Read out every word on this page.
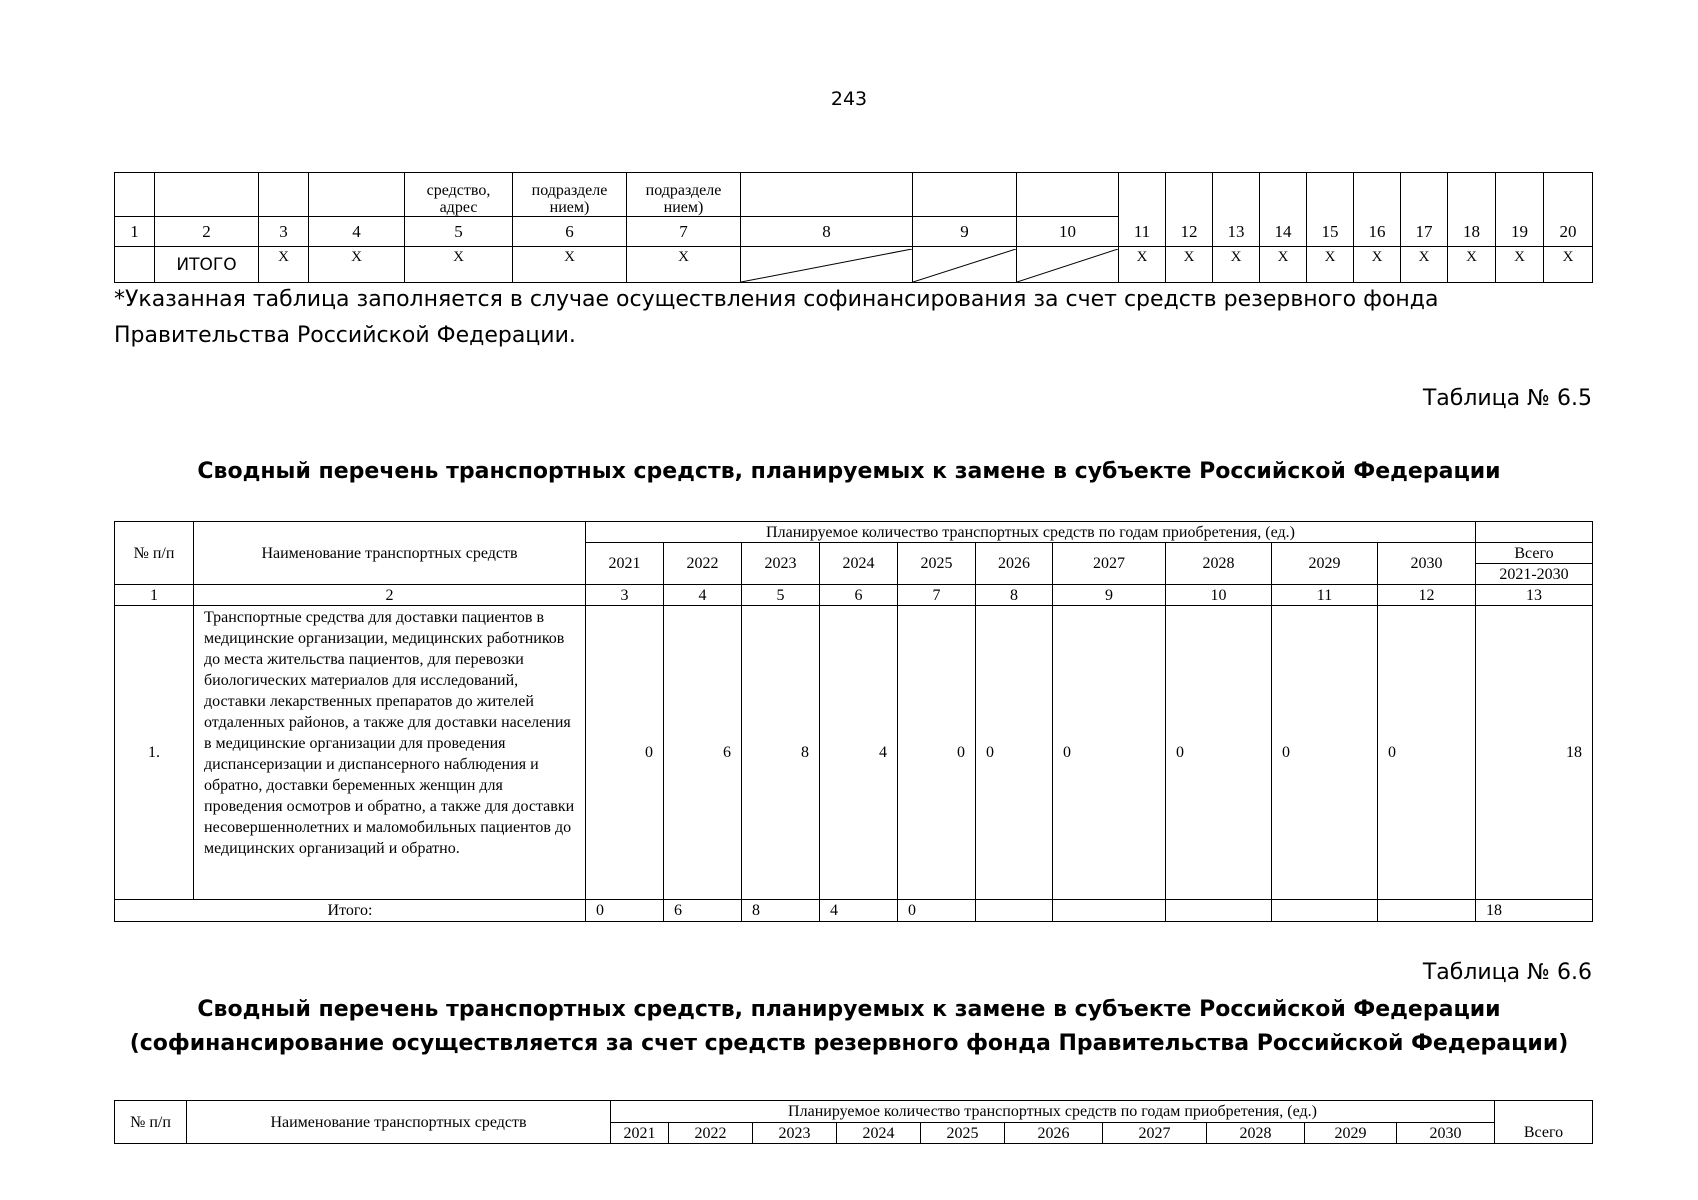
243
				средство, адрес	подразделе нием)	подразделе нием)													
1	2	3	4	5	6	7	8	9	10	11	12	13	14	15	16	17	18	19	20
	ИТОГО	Х	Х	Х	Х	Х				Х	Х	Х	Х	Х	Х	Х	Х	Х	Х
*Указанная таблица заполняется в случае осуществления софинансирования за счет средств резервного фонда Правительства Российской Федерации.
Таблица № 6.5
Сводный перечень транспортных средств, планируемых к замене в субъекте Российской Федерации
№ п/п	Наименование транспортных средств	Планируемое количество транспортных средств по годам приобретения, (ед.)										
		2021	2022	2023	2024	2025	2026	2027	2028	2029	2030	Всего
												2021-2030
1	2	3	4	5	6	7	8	9	10	11	12	13
1.	Транспортные средства для доставки пациентов в медицинские организации, медицинских работников до места жительства пациентов, для перевозки биологических материалов для исследований, доставки лекарственных препаратов до жителей отдаленных районов, а также для доставки населения в медицинские организации для проведения диспансеризации и диспансерного наблюдения и обратно, доставки беременных женщин для проведения осмотров и обратно, а также для доставки несовершеннолетних и маломобильных пациентов до медицинских организаций и обратно.	0	6	8	4	0	0	0	0	0	0	18
Итого:		0	6	8	4	0						18
Таблица № 6.6
Сводный перечень транспортных средств, планируемых к замене в субъекте Российской Федерации
(софинансирование осуществляется за счет средств резервного фонда Правительства Российской Федерации)
№ п/п	Наименование транспортных средств	Планируемое количество транспортных средств по годам приобретения, (ед.)										
		2021	2022	2023	2024	2025	2026	2027	2028	2029	2030	Всего
